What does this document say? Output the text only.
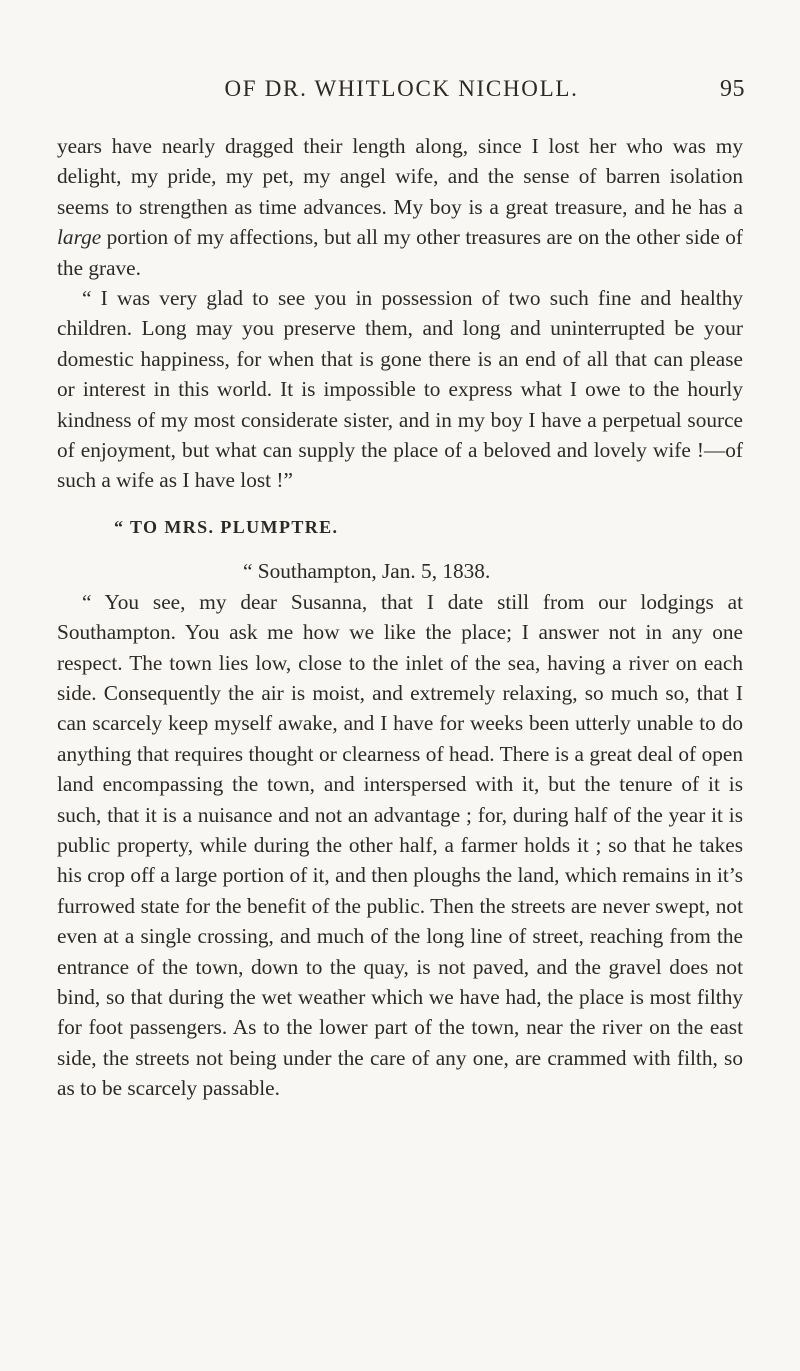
OF DR. WHITLOCK NICHOLL.	95

years have nearly dragged their length along, since I lost her who was my delight, my pride, my pet, my angel wife, and the sense of barren isolation seems to strengthen as time advances. My boy is a great treasure, and he has a large portion of my affections, but all my other treasures are on the other side of the grave.

“ I was very glad to see you in possession of two such fine and healthy children. Long may you preserve them, and long and uninterrupted be your domestic happiness, for when that is gone there is an end of all that can please or interest in this world. It is impossible to express what I owe to the hourly kindness of my most considerate sister, and in my boy I have a perpetual source of enjoyment, but what can supply the place of a beloved and lovely wife !—of such a wife as I have lost !”

“ TO MRS. PLUMPTRE.

“ Southampton, Jan. 5, 1838.

“ You see, my dear Susanna, that I date still from our lodgings at Southampton. You ask me how we like the place; I answer not in any one respect. The town lies low, close to the inlet of the sea, having a river on each side. Consequently the air is moist, and extremely relaxing, so much so, that I can scarcely keep myself awake, and I have for weeks been utterly unable to do anything that requires thought or clearness of head. There is a great deal of open land encompassing the town, and interspersed with it, but the tenure of it is such, that it is a nuisance and not an advantage ; for, during half of the year it is public property, while during the other half, a farmer holds it ; so that he takes his crop off a large portion of it, and then ploughs the land, which remains in it’s furrowed state for the benefit of the public. Then the streets are never swept, not even at a single crossing, and much of the long line of street, reaching from the entrance of the town, down to the quay, is not paved, and the gravel does not bind, so that during the wet weather which we have had, the place is most filthy for foot passengers. As to the lower part of the town, near the river on the east side, the streets not being under the care of any one, are crammed with filth, so as to be scarcely passable.
